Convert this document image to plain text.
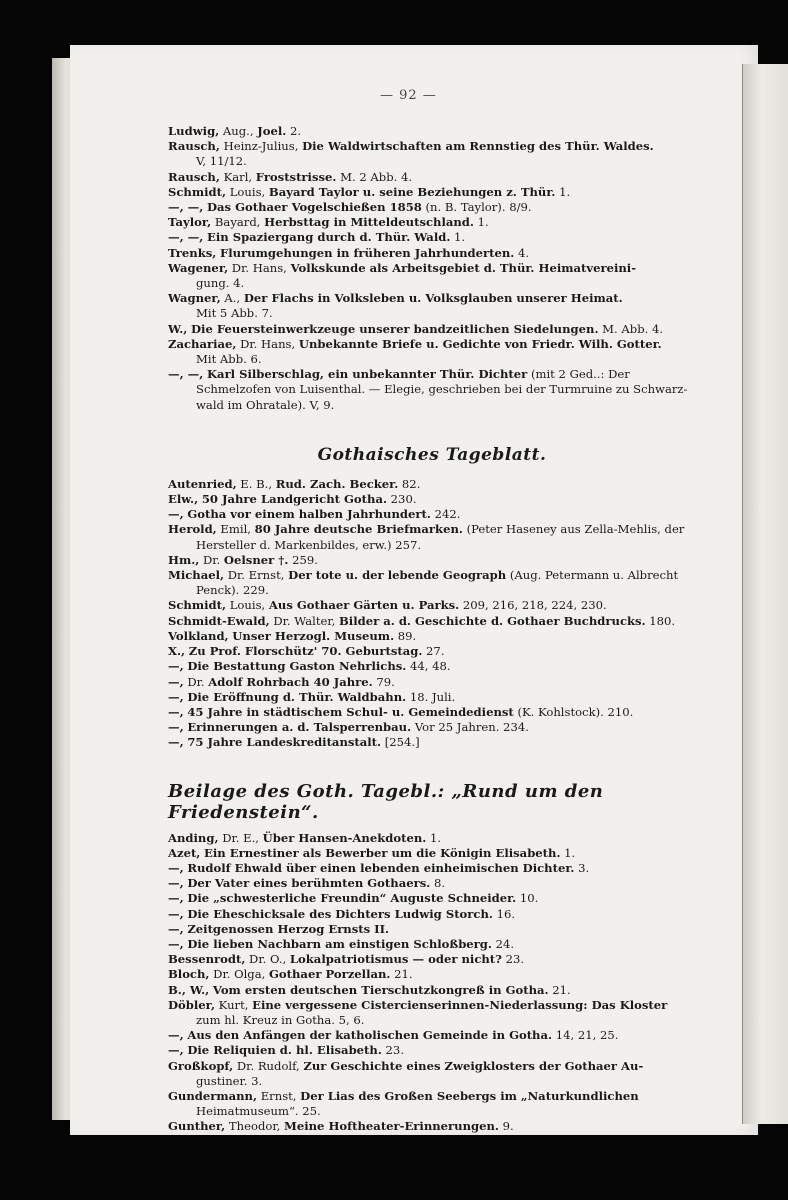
— 92 —

Ludwig, Aug., Joel. 2.

Rausch, Heinz-Julius, Die Waldwirtschaften am Rennstieg des Thür. Waldes.

V, 11/12.

Rausch, Karl, Froststrisse. M. 2 Abb. 4.

Schmidt, Louis, Bayard Taylor u. seine Beziehungen z. Thür. 1.

—, —, Das Gothaer Vogelschießen 1858 (n. B. Taylor). 8/9.

Taylor, Bayard, Herbsttag in Mitteldeutschland. 1.

—, —, Ein Spaziergang durch d. Thür. Wald. 1.

Trenks, Flurumgehungen in früheren Jahrhunderten. 4.

Wagener, Dr. Hans, Volkskunde als Arbeitsgebiet d. Thür. Heimatvereini-

gung. 4.

Wagner, A., Der Flachs in Volksleben u. Volksglauben unserer Heimat.

Mit 5 Abb. 7.

W., Die Feuersteinwerkzeuge unserer bandzeitlichen Siedelungen. M. Abb. 4.

Zachariae, Dr. Hans, Unbekannte Briefe u. Gedichte von Friedr. Wilh. Gotter.

Mit Abb. 6.

—, —, Karl Silberschlag, ein unbekannter Thür. Dichter (mit 2 Ged..: Der

Schmelzofen von Luisenthal. — Elegie, geschrieben bei der Turmruine zu Schwarz-

wald im Ohratale). V, 9.

Gothaisches Tageblatt.

Autenried, E. B., Rud. Zach. Becker. 82.

Elw., 50 Jahre Landgericht Gotha. 230.

—, Gotha vor einem halben Jahrhundert. 242.

Herold, Emil, 80 Jahre deutsche Briefmarken. (Peter Haseney aus Zella-Mehlis, der

Hersteller d. Markenbildes, erw.) 257.

Hm., Dr. Oelsner †. 259.

Michael, Dr. Ernst, Der tote u. der lebende Geograph (Aug. Petermann u. Albrecht

Penck). 229.

Schmidt, Louis, Aus Gothaer Gärten u. Parks. 209, 216, 218, 224, 230.

Schmidt-Ewald, Dr. Walter, Bilder a. d. Geschichte d. Gothaer Buchdrucks. 180.

Volkland, Unser Herzogl. Museum. 89.

X., Zu Prof. Florschütz' 70. Geburtstag. 27.

—, Die Bestattung Gaston Nehrlichs. 44, 48.

—, Dr. Adolf Rohrbach 40 Jahre. 79.

—, Die Eröffnung d. Thür. Waldbahn. 18. Juli.

—, 45 Jahre in städtischem Schul- u. Gemeindedienst (K. Kohlstock). 210.

—, Erinnerungen a. d. Talsperrenbau. Vor 25 Jahren. 234.

—, 75 Jahre Landeskreditanstalt. [254.]

Beilage des Goth. Tagebl.: „Rund um den Friedenstein“.

Anding, Dr. E., Über Hansen-Anekdoten. 1.

Azet, Ein Ernestiner als Bewerber um die Königin Elisabeth. 1.

—, Rudolf Ehwald über einen lebenden einheimischen Dichter. 3.

—, Der Vater eines berühmten Gothaers. 8.

—, Die „schwesterliche Freundin“ Auguste Schneider. 10.

—, Die Eheschicksale des Dichters Ludwig Storch. 16.

—, Zeitgenossen Herzog Ernsts II.

—, Die lieben Nachbarn am einstigen Schloßberg. 24.

Bessenrodt, Dr. O., Lokalpatriotismus — oder nicht? 23.

Bloch, Dr. Olga, Gothaer Porzellan. 21.

B., W., Vom ersten deutschen Tierschutzkongreß in Gotha. 21.

Döbler, Kurt, Eine vergessene Cistercienserinnen-Niederlassung: Das Kloster

zum hl. Kreuz in Gotha. 5, 6.

—, Aus den Anfängen der katholischen Gemeinde in Gotha. 14, 21, 25.

—, Die Reliquien d. hl. Elisabeth. 23.

Großkopf, Dr. Rudolf, Zur Geschichte eines Zweigklosters der Gothaer Au-

gustiner. 3.

Gundermann, Ernst, Der Lias des Großen Seebergs im „Naturkundlichen

Heimatmuseum“. 25.

Gunther, Theodor, Meine Hoftheater-Erinnerungen. 9.
